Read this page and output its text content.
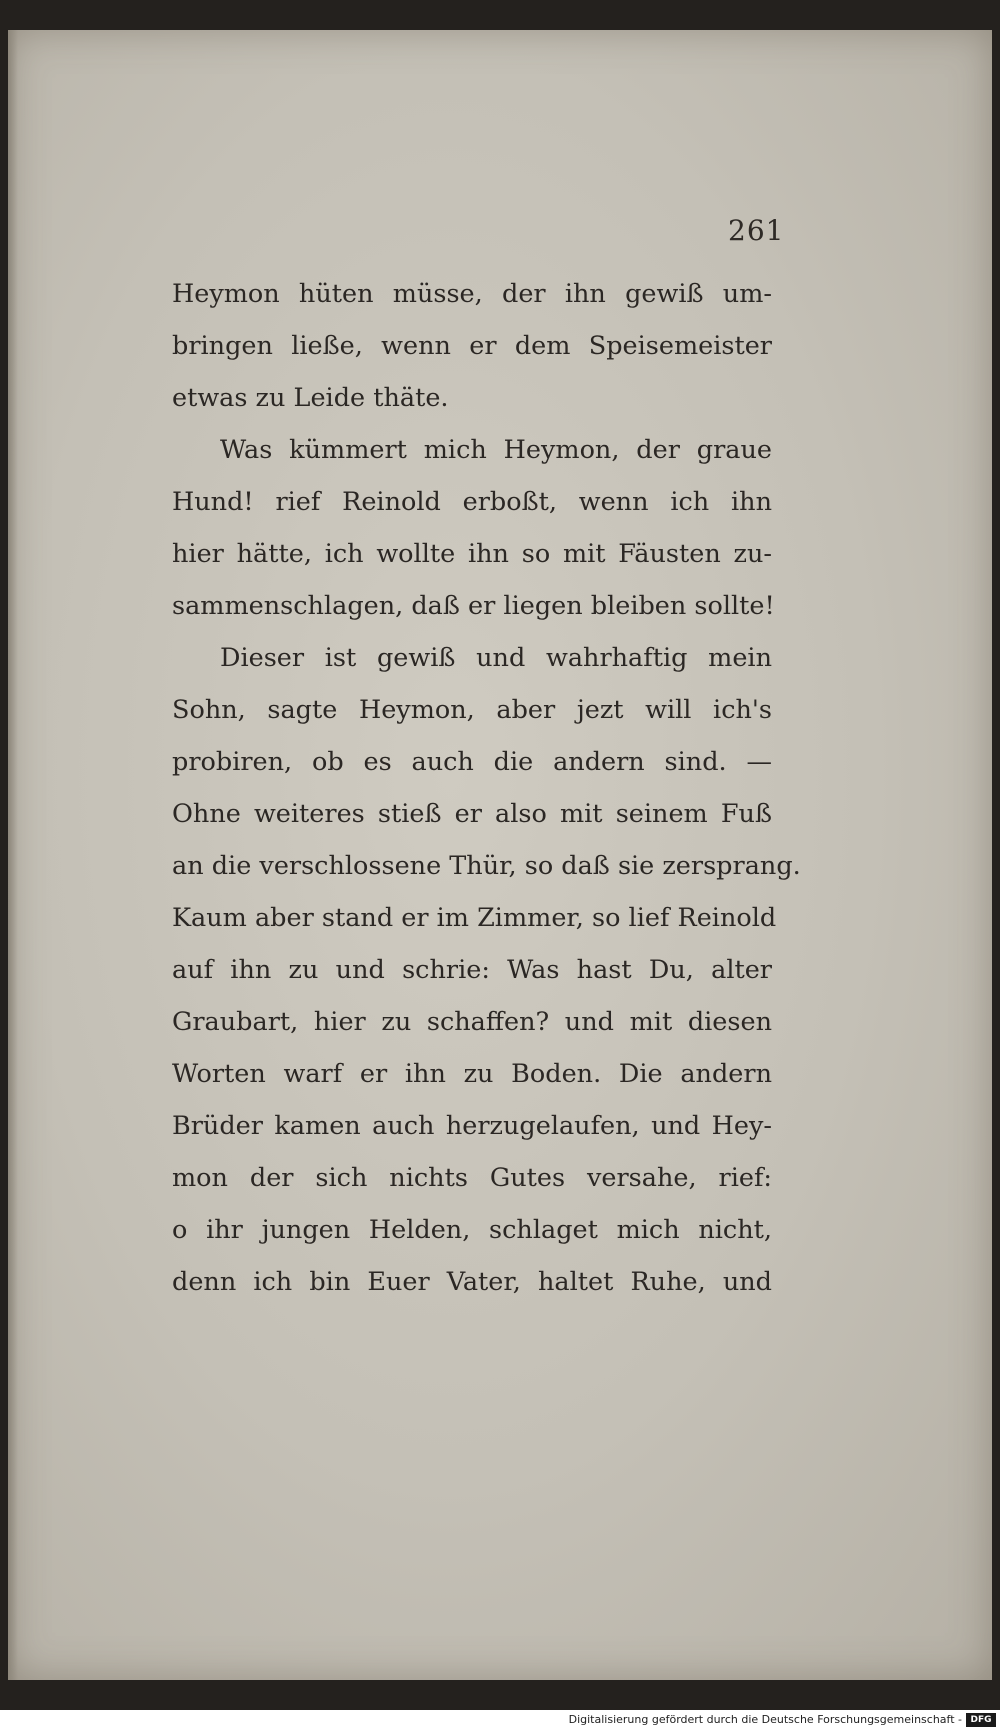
261
Heymon hüten müsse, der ihn gewiß um-
bringen ließe, wenn er dem Speisemeister
etwas zu Leide thäte.
Was kümmert mich Heymon, der graue
Hund! rief Reinold erboßt, wenn ich ihn
hier hätte, ich wollte ihn so mit Fäusten zu-
sammenschlagen, daß er liegen bleiben sollte!
Dieser ist gewiß und wahrhaftig mein
Sohn, sagte Heymon, aber jezt will ich's
probiren, ob es auch die andern sind. —
Ohne weiteres stieß er also mit seinem Fuß
an die verschlossene Thür, so daß sie zersprang.
Kaum aber stand er im Zimmer, so lief Reinold
auf ihn zu und schrie: Was hast Du, alter
Graubart, hier zu schaffen? und mit diesen
Worten warf er ihn zu Boden. Die andern
Brüder kamen auch herzugelaufen, und Hey-
mon der sich nichts Gutes versahe, rief:
o ihr jungen Helden, schlaget mich nicht,
denn ich bin Euer Vater, haltet Ruhe, und
Digitalisierung gefördert durch die Deutsche Forschungsgemeinschaft - DFG
